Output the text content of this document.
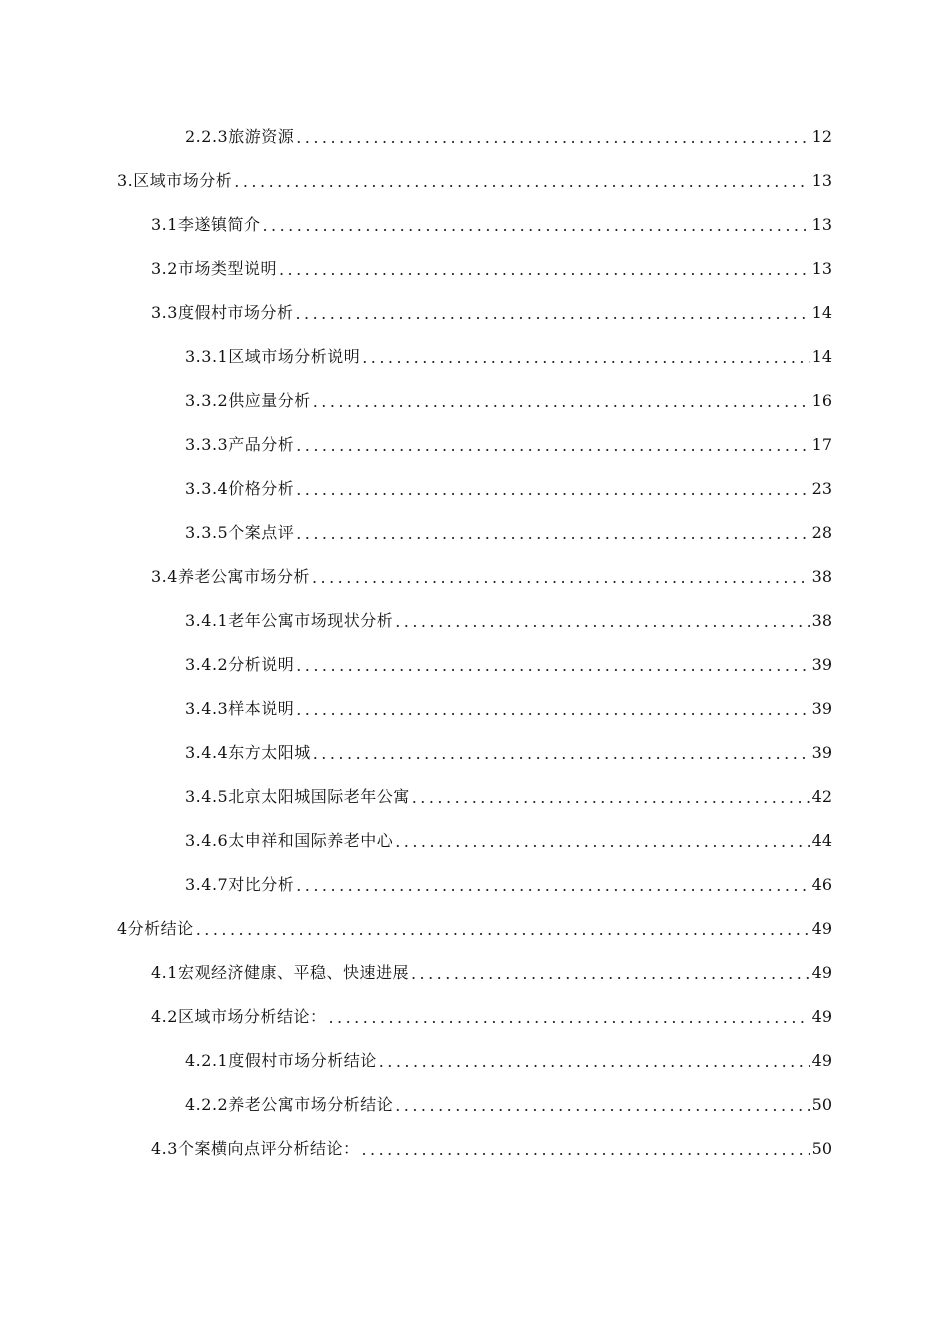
2.2.3旅游资源 . . .	12
3.区域市场分析 . . .	13
3.1李遂镇简介 . . .	13
3.2市场类型说明 . . .	13
3.3度假村市场分析 . . .	14
3.3.1区域市场分析说明 . . .	14
3.3.2供应量分析 . . .	16
3.3.3产品分析 . . .	17
3.3.4价格分析 . . .	23
3.3.5个案点评 . . .	28
3.4养老公寓市场分析 . . .	38
3.4.1老年公寓市场现状分析 . . .	38
3.4.2分析说明 . . .	39
3.4.3样本说明 . . .	39
3.4.4东方太阳城 . . .	39
3.4.5北京太阳城国际老年公寓 . . .	42
3.4.6太申祥和国际养老中心 . . .	44
3.4.7对比分析 . . .	46
4分析结论 . . .	49
4.1宏观经济健康、平稳、快速进展 . . .	49
4.2区域市场分析结论： . . .	49
4.2.1度假村市场分析结论 . . .	49
4.2.2养老公寓市场分析结论 . . .	50
4.3个案横向点评分析结论： . . .	50
